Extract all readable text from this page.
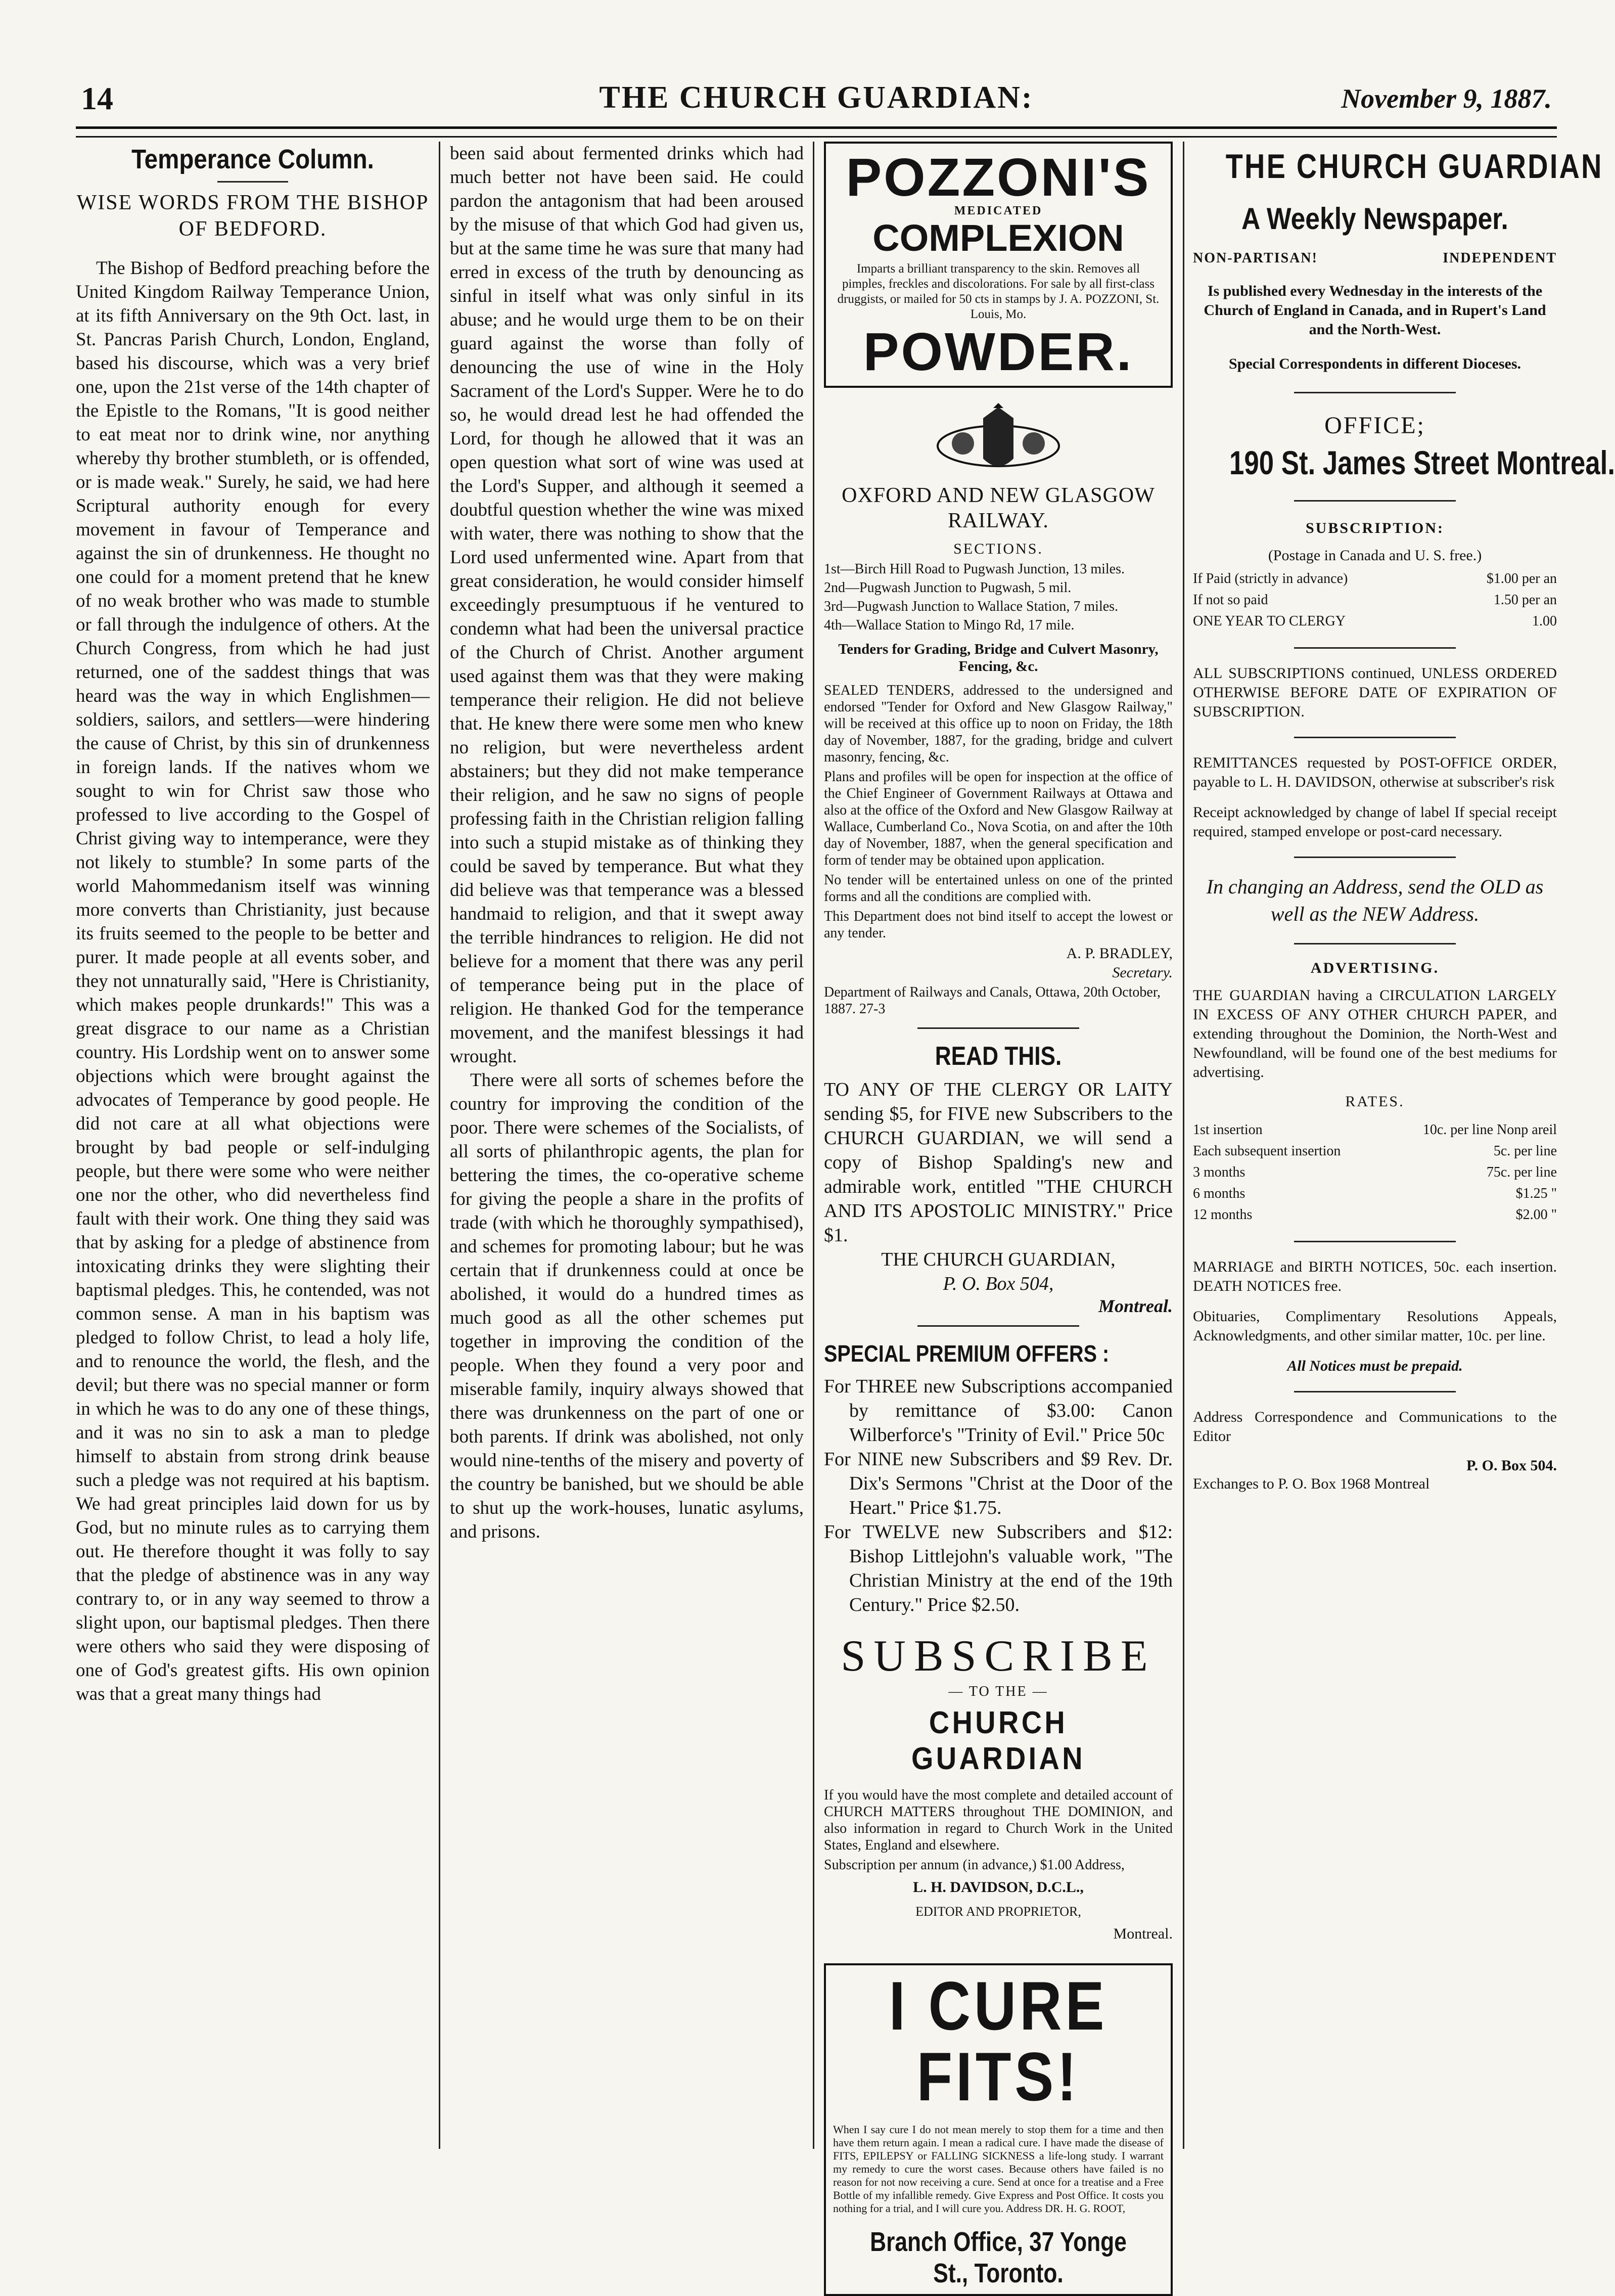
14	THE CHURCH GUARDIAN:	November 9, 1887.
Temperance Column.

WISE WORDS FROM THE BISHOP OF BEDFORD.

The Bishop of Bedford preaching before the United Kingdom Railway Temperance Union, at its fifth Anniversary on the 9th Oct. last, in St. Pancras Parish Church, London, England, based his discourse, which was a very brief one, upon the 21st verse of the 14th chapter of the Epistle to the Romans, "It is good neither to eat meat nor to drink wine, nor anything whereby thy brother stumbleth, or is offended, or is made weak." Surely, he said, we had here Scriptural authority enough for every movement in favour of Temperance and against the sin of drunkenness. He thought no one could for a moment pretend that he knew of no weak brother who was made to stumble or fall through the indulgence of others. At the Church Congress, from which he had just returned, one of the saddest things that was heard was the way in which Englishmen—soldiers, sailors, and settlers—were hindering the cause of Christ, by this sin of drunkenness in foreign lands. If the natives whom we sought to win for Christ saw those who professed to live according to the Gospel of Christ giving way to intemperance, were they not likely to stumble? In some parts of the world Mahommedanism itself was winning more converts than Christianity, just because its fruits seemed to the people to be better and purer. It made people at all events sober, and they not unnaturally said, "Here is Christianity, which makes people drunkards!" This was a great disgrace to our name as a Christian country. His Lordship went on to answer some objections which were brought against the advocates of Temperance by good people. He did not care at all what objections were brought by bad people or self-indulging people, but there were some who were neither one nor the other, who did nevertheless find fault with their work. One thing they said was that by asking for a pledge of abstinence from intoxicating drinks they were slighting their baptismal pledges. This, he contended, was not common sense. A man in his baptism was pledged to follow Christ, to lead a holy life, and to renounce the world, the flesh, and the devil; but there was no special manner or form in which he was to do any one of these things, and it was no sin to ask a man to pledge himself to abstain from strong drink beause such a pledge was not required at his baptism. We had great principles laid down for us by God, but no minute rules as to carrying them out. He therefore thought it was folly to say that the pledge of abstinence was in any way contrary to, or in any way seemed to throw a slight upon, our baptismal pledges. Then there were others who said they were disposing of one of God's greatest gifts. His own opinion was that a great many things had

been said about fermented drinks which had much better not have been said. He could pardon the antagonism that had been aroused by the misuse of that which God had given us, but at the same time he was sure that many had erred in excess of the truth by denouncing as sinful in itself what was only sinful in its abuse; and he would urge them to be on their guard against the worse than folly of denouncing the use of wine in the Holy Sacrament of the Lord's Supper. Were he to do so, he would dread lest he had offended the Lord, for though he allowed that it was an open question what sort of wine was used at the Lord's Supper, and although it seemed a doubtful question whether the wine was mixed with water, there was nothing to show that the Lord used unfermented wine. Apart from that great consideration, he would consider himself exceedingly presumptuous if he ventured to condemn what had been the universal practice of the Church of Christ. Another argument used against them was that they were making temperance their religion. He did not believe that. He knew there were some men who knew no religion, but were nevertheless ardent abstainers; but they did not make temperance their religion, and he saw no signs of people professing faith in the Christian religion falling into such a stupid mistake as of thinking they could be saved by temperance. But what they did believe was that temperance was a blessed handmaid to religion, and that it swept away the terrible hindrances to religion. He did not believe for a moment that there was any peril of temperance being put in the place of religion. He thanked God for the temperance movement, and the manifest blessings it had wrought.

There were all sorts of schemes before the country for improving the condition of the poor. There were schemes of the Socialists, of all sorts of philanthropic agents, the plan for bettering the times, the co-operative scheme for giving the people a share in the profits of trade (with which he thoroughly sympathised), and schemes for promoting labour; but he was certain that if drunkenness could at once be abolished, it would do a hundred times as much good as all the other schemes put together in improving the condition of the people. When they found a very poor and miserable family, inquiry always showed that there was drunkenness on the part of one or both parents. If drink was abolished, not only would nine-tenths of the misery and poverty of the country be banished, but we should be able to shut up the work-houses, lunatic asylums, and prisons.

POZZONI'S
MEDICATED
COMPLEXION

Imparts a brilliant transparency to the skin. Removes all pimples, freckles and discolorations. For sale by all first-class druggists, or mailed for 50 cts in stamps by J. A. POZZONI, St. Louis, Mo.

POWDER.
OXFORD AND NEW GLASGOW RAILWAY.
SECTIONS.

1st—Birch Hill Road to Pugwash Junction, 13 miles.

2nd—Pugwash Junction to Pugwash, 5 mil.

3rd—Pugwash Junction to Wallace Station, 7 miles.

4th—Wallace Station to Mingo Rd, 17 mile.

Tenders for Grading, Bridge and Culvert Masonry, Fencing, &c.

SEALED TENDERS, addressed to the undersigned and endorsed "Tender for Oxford and New Glasgow Railway," will be received at this office up to noon on Friday, the 18th day of November, 1887, for the grading, bridge and culvert masonry, fencing, &c.

Plans and profiles will be open for inspection at the office of the Chief Engineer of Government Railways at Ottawa and also at the office of the Oxford and New Glasgow Railway at Wallace, Cumberland Co., Nova Scotia, on and after the 10th day of November, 1887, when the general specification and form of tender may be obtained upon application.

No tender will be entertained unless on one of the printed forms and all the conditions are complied with.

This Department does not bind itself to accept the lowest or any tender.

A. P. BRADLEY,

Secretary.

Department of Railways and Canals, Ottawa, 20th October, 1887. 27-3

READ THIS.

TO ANY OF THE CLERGY OR LAITY sending $5, for FIVE new Subscribers to the CHURCH GUARDIAN, we will send a copy of Bishop Spalding's new and admirable work, entitled "THE CHURCH AND ITS APOSTOLIC MINISTRY." Price $1.

THE CHURCH GUARDIAN,

P. O. Box 504,

Montreal.

SPECIAL PREMIUM OFFERS :

For THREE new Subscriptions accompanied by remittance of $3.00: Canon Wilberforce's "Trinity of Evil." Price 50c

For NINE new Subscribers and $9 Rev. Dr. Dix's Sermons "Christ at the Door of the Heart." Price $1.75.

For TWELVE new Subscribers and $12: Bishop Littlejohn's valuable work, "The Christian Ministry at the end of the 19th Century." Price $2.50.

SUBSCRIBE
— TO THE —
CHURCH GUARDIAN

If you would have the most complete and detailed account of CHURCH MATTERS throughout THE DOMINION, and also information in regard to Church Work in the United States, England and elsewhere.

Subscription per annum (in advance,) $1.00 Address,

L. H. DAVIDSON, D.C.L.,

EDITOR AND PROPRIETOR,

Montreal.

I CURE FITS!

When I say cure I do not mean merely to stop them for a time and then have them return again. I mean a radical cure. I have made the disease of FITS, EPILEPSY or FALLING SICKNESS a life-long study. I warrant my remedy to cure the worst cases. Because others have failed is no reason for not now receiving a cure. Send at once for a treatise and a Free Bottle of my infallible remedy. Give Express and Post Office. It costs you nothing for a trial, and I will cure you. Address DR. H. G. ROOT,

Branch Office, 37 Yonge St., Toronto.
THE CHURCH GUARDIAN
A Weekly Newspaper.
NON-PARTISAN!	INDEPENDENT

Is published every Wednesday in the interests of the Church of England in Canada, and in Rupert's Land and the North-West.

Special Correspondents in different Dioceses.

OFFICE;

190 St. James Street Montreal.

SUBSCRIPTION:

(Postage in Canada and U. S. free.)

If Paid (strictly in advance)	$1.00 per an
If not so paid	1.50 per an
ONE YEAR TO CLERGY	1.00

ALL SUBSCRIPTIONS continued, UNLESS ORDERED OTHERWISE BEFORE DATE OF EXPIRATION OF SUBSCRIPTION.

REMITTANCES requested by POST-OFFICE ORDER, payable to L. H. DAVIDSON, otherwise at subscriber's risk

Receipt acknowledged by change of label If special receipt required, stamped envelope or post-card necessary.

In changing an Address, send the OLD as well as the NEW Address.

ADVERTISING.

THE GUARDIAN having a CIRCULATION LARGELY IN EXCESS OF ANY OTHER CHURCH PAPER, and extending throughout the Dominion, the North-West and Newfoundland, will be found one of the best mediums for advertising.

RATES.

1st insertion	10c. per line Nonp areil
Each subsequent insertion	5c. per line
3 months	75c. per line
6 months	$1.25 "
12 months	$2.00 "

MARRIAGE and BIRTH NOTICES, 50c. each insertion. DEATH NOTICES free.

Obituaries, Complimentary Resolutions Appeals, Acknowledgments, and other similar matter, 10c. per line.

All Notices must be prepaid.

Address Correspondence and Communications to the Editor

P. O. Box 504.

Exchanges to P. O. Box 1968 Montreal
